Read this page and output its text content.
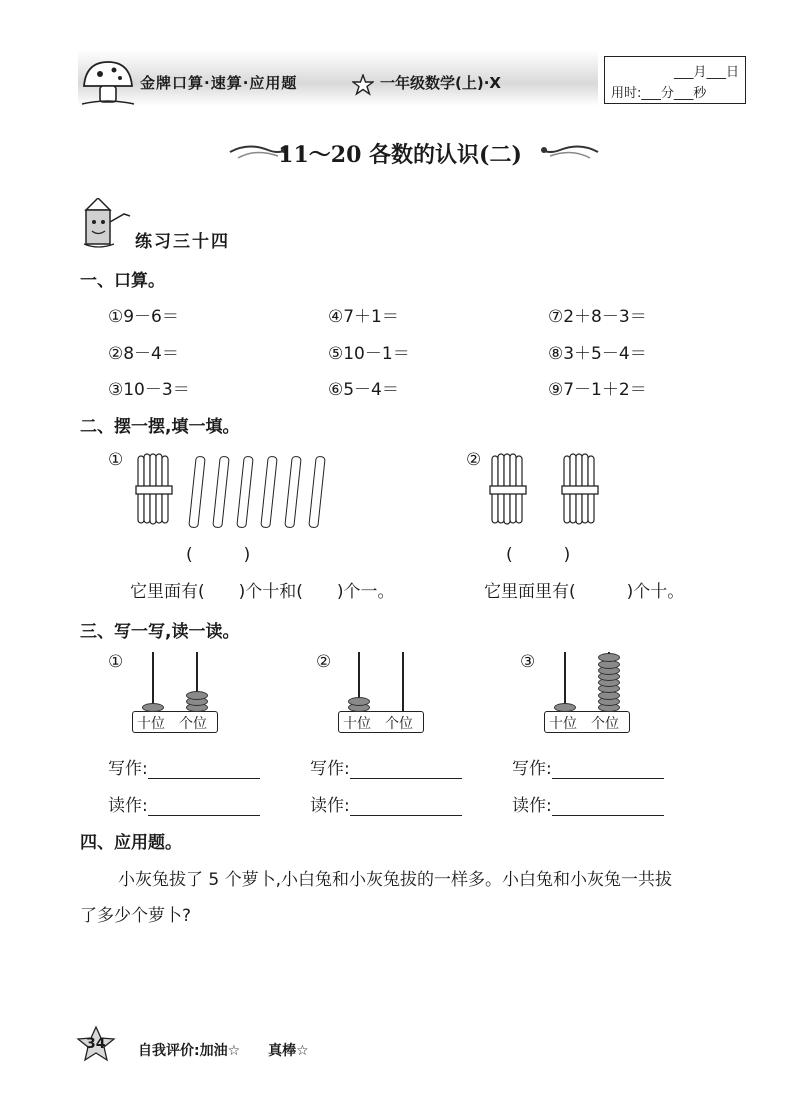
金牌口算·速算·应用题	一年级数学(上)·X
___月___日
用时:___分___秒
11～20 各数的认识(二)
练习三十四
一、口算。
①9－6＝	④7＋1＝	⑦2＋8－3＝
②8－4＝	⑤10－1＝	⑧3＋5－4＝
③10－3＝	⑥5－4＝	⑨7－1＋2＝
二、摆一摆,填一填。
①
(　　　)
它里面有(　　)个十和(　　)个一。
②
(　　　)
它里面里有(　　　)个十。
三、写一写,读一读。
①
十位 个位
②
十位 个位
③
十位 个位
写作:	写作:	写作:
读作:	读作:	读作:
四、应用题。
小灰兔拔了 5 个萝卜,小白兔和小灰兔拔的一样多。小白兔和小灰兔一共拔
了多少个萝卜?
34 自我评价:加油☆　　真棒☆
